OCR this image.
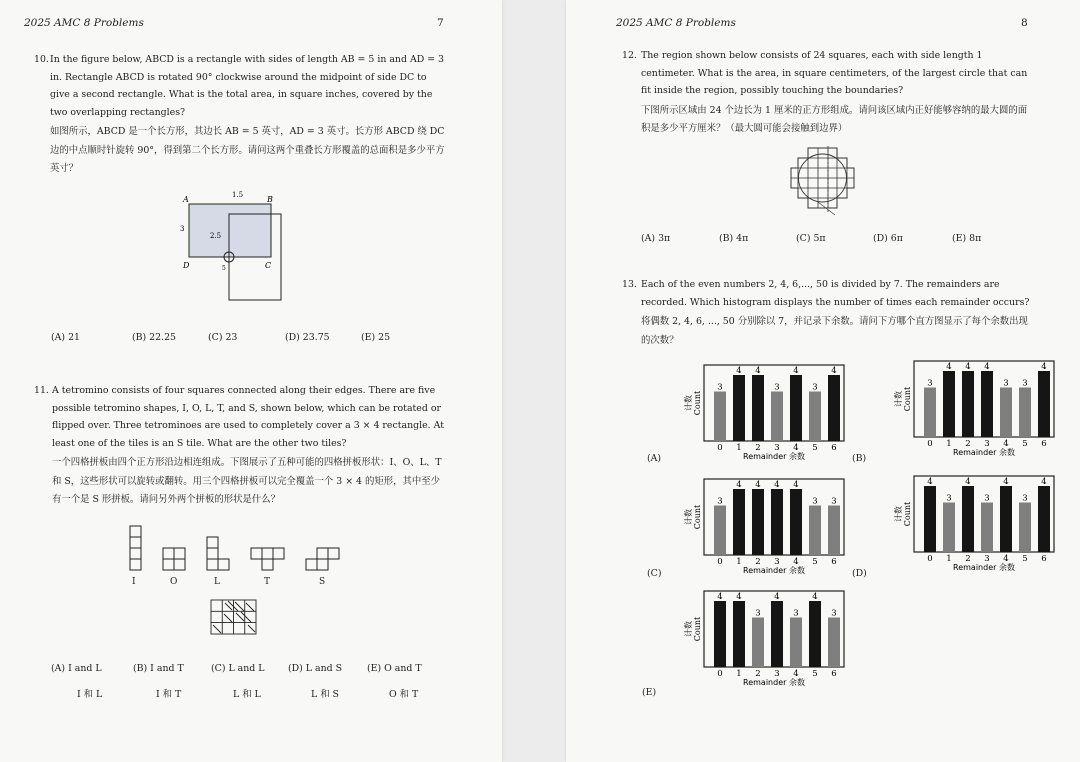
2025 AMC 8 Problems	7
10. In the figure below, ABCD is a rectangle with sides of length AB = 5 in and AD = 3 in. Rectangle ABCD is rotated 90° clockwise around the midpoint of side DC to give a second rectangle. What is the total area, in square inches, covered by the two overlapping rectangles?
如图所示，ABCD 是一个长方形，其边长 AB = 5 英寸，AD = 3 英寸。长方形 ABCD 绕 DC 边的中点顺时针旋转 90°，得到第二个长方形。请问这两个重叠长方形覆盖的总面积是多少平方英寸？
A	B
D	C
1.5
3
2.5
5
(A) 21	(B) 22.25	(C) 23	(D) 23.75	(E) 25
11. A tetromino consists of four squares connected along their edges. There are five possible tetromino shapes, I, O, L, T, and S, shown below, which can be rotated or flipped over. Three tetrominoes are used to completely cover a 3 × 4 rectangle. At least one of the tiles is an S tile. What are the other two tiles?
一个四格拼板由四个正方形沿边相连组成。下图展示了五种可能的四格拼板形状：I、O、L、T 和 S，这些形状可以旋转或翻转。用三个四格拼板可以完全覆盖一个 3 × 4 的矩形，其中至少有一个是 S 形拼板。请问另外两个拼板的形状是什么？
I	O	L	T	S
(A) I and L	(B) I and T	(C) L and L (D) L and S	(E) O and T
I 和 L	I 和 T	L 和 L	L 和 S	O 和 T
2025 AMC 8 Problems	8
12. The region shown below consists of 24 squares, each with side length 1 centimeter. What is the area, in square centimeters, of the largest circle that can fit inside the region, possibly touching the boundaries?
下图所示区域由 24 个边长为 1 厘米的正方形组成。请问该区域内正好能够容纳的最大圆的面积是多少平方厘米？（最大圆可能会接触到边界）
(A) 3π	(B) 4π	(C) 5π	(D) 6π	(E) 8π
13. Each of the even numbers 2, 4, 6,..., 50 is divided by 7. The remainders are recorded. Which histogram displays the number of times each remainder occurs?
将偶数 2, 4, 6, ..., 50 分别除以 7，并记录下余数。请问下方哪个直方图显示了每个余数出现的次数？
计数Count
3
0
4
1
4
2
3
3
4
4
3
5
4
6
Remainder 余数
计数Count
3
0
4
1
4
2
4
3
3
4
3
5
4
6
Remainder 余数
计数Count
3
0
4
1
4
2
4
3
4
4
3
5
3
6
Remainder 余数
计数Count
4
0
3
1
4
2
3
3
4
4
3
5
4
6
Remainder 余数
计数Count
4
0
4
1
3
2
4
3
3
4
4
5
3
6
Remainder 余数
(A)	(B)
(C)	(D)
(E)
